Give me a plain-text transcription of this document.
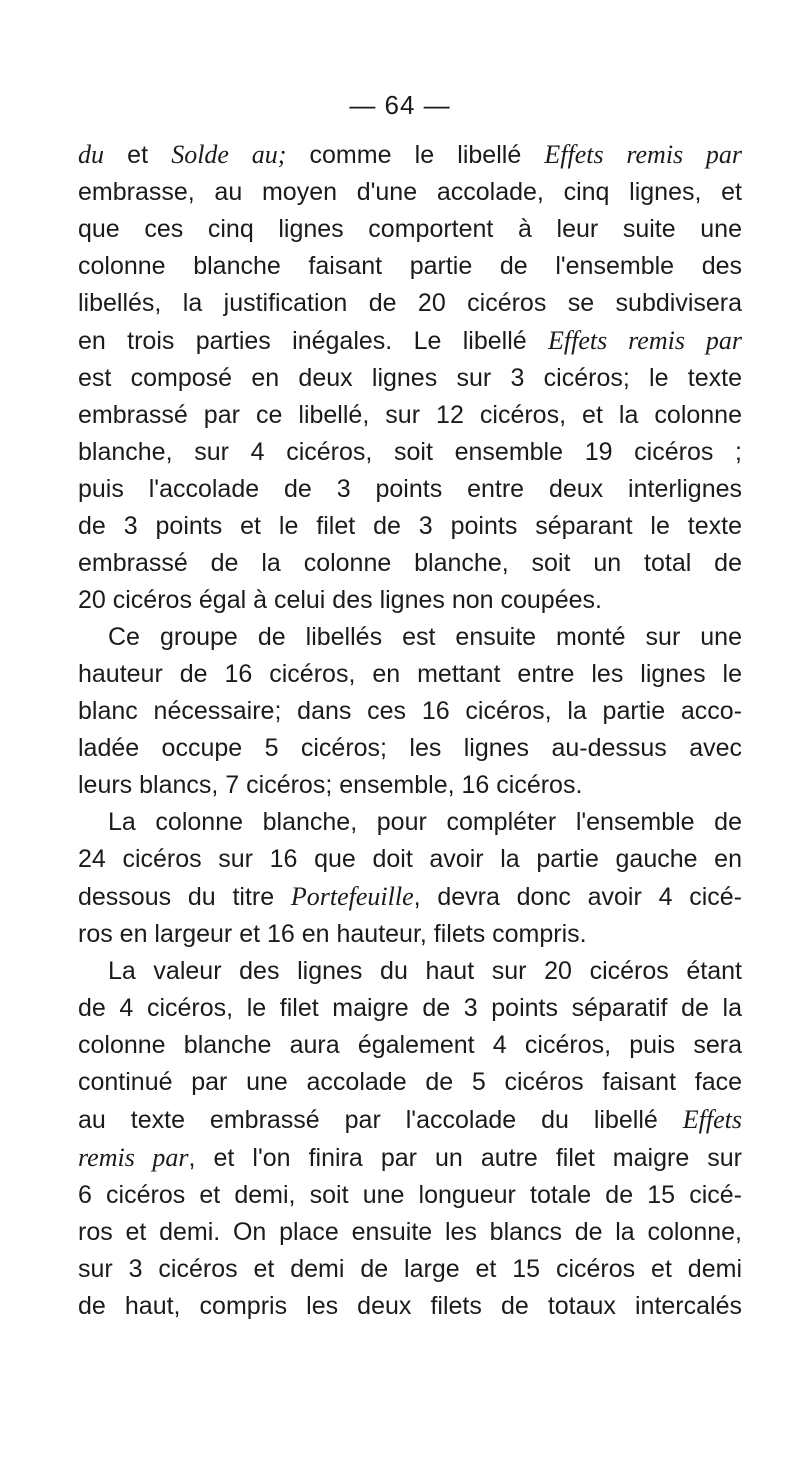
— 64 —
du et Solde au; comme le libellé Effets remis par
embrasse, au moyen d'une accolade, cinq lignes, et
que ces cinq lignes comportent à leur suite une
colonne blanche faisant partie de l'ensemble des
libellés, la justification de 20 cicéros se subdivisera
en trois parties inégales. Le libellé Effets remis par
est composé en deux lignes sur 3 cicéros; le texte
embrassé par ce libellé, sur 12 cicéros, et la colonne
blanche, sur 4 cicéros, soit ensemble 19 cicéros ;
puis l'accolade de 3 points entre deux interlignes
de 3 points et le filet de 3 points séparant le texte
embrassé de la colonne blanche, soit un total de
20 cicéros égal à celui des lignes non coupées.
Ce groupe de libellés est ensuite monté sur une
hauteur de 16 cicéros, en mettant entre les lignes le
blanc nécessaire; dans ces 16 cicéros, la partie acco-
ladée occupe 5 cicéros; les lignes au-dessus avec
leurs blancs, 7 cicéros; ensemble, 16 cicéros.
La colonne blanche, pour compléter l'ensemble de
24 cicéros sur 16 que doit avoir la partie gauche en
dessous du titre Portefeuille, devra donc avoir 4 cicé-
ros en largeur et 16 en hauteur, filets compris.
La valeur des lignes du haut sur 20 cicéros étant
de 4 cicéros, le filet maigre de 3 points séparatif de la
colonne blanche aura également 4 cicéros, puis sera
continué par une accolade de 5 cicéros faisant face
au texte embrassé par l'accolade du libellé Effets
remis par, et l'on finira par un autre filet maigre sur
6 cicéros et demi, soit une longueur totale de 15 cicé-
ros et demi. On place ensuite les blancs de la colonne,
sur 3 cicéros et demi de large et 15 cicéros et demi
de haut, compris les deux filets de totaux intercalés
